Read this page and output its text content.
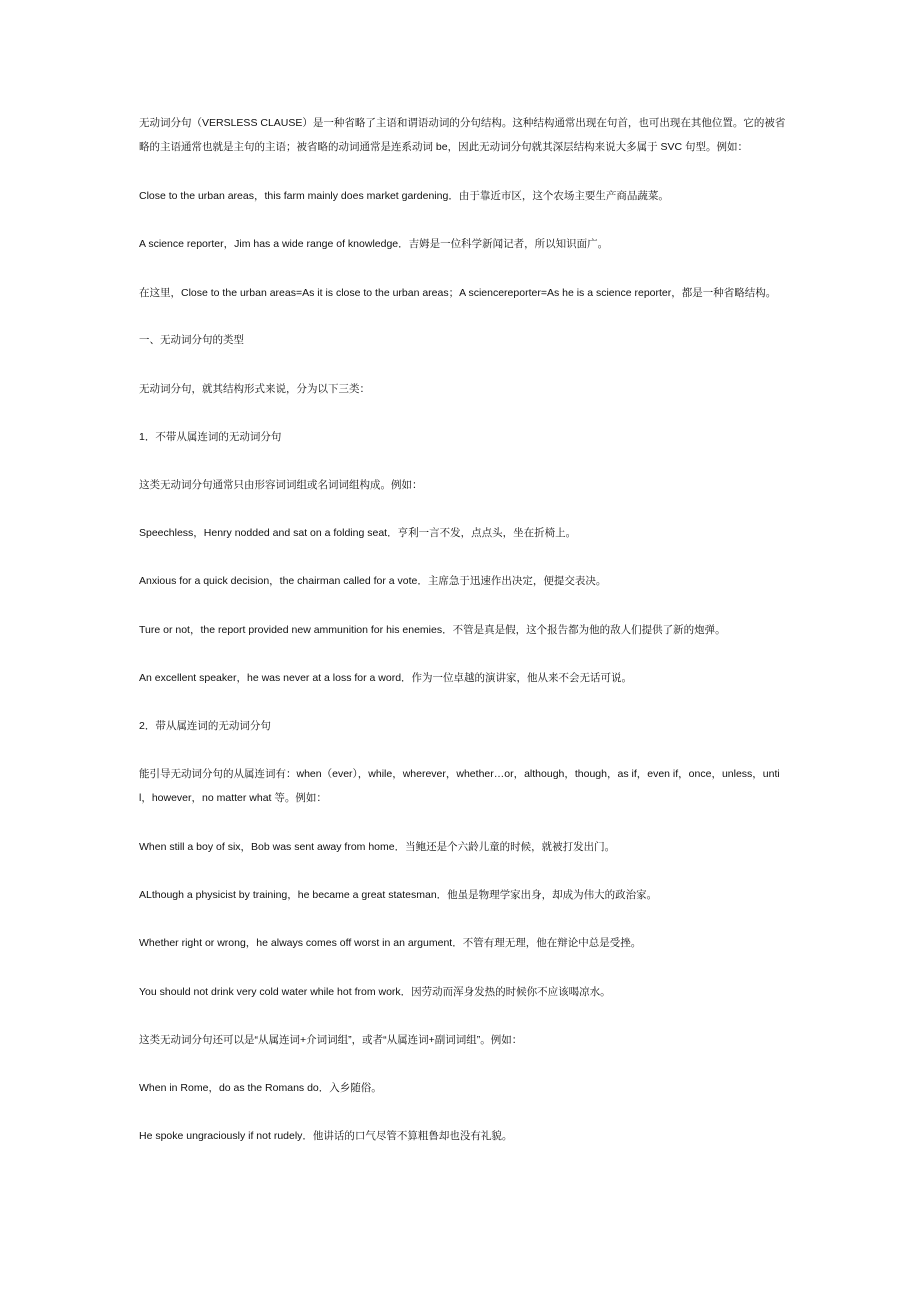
无动词分句（VERSLESS CLAUSE）是一种省略了主语和谓语动词的分句结构。这种结构通常出现在句首，也可出现在其他位置。它的被省略的主语通常也就是主句的主语；被省略的动词通常是连系动词 be，因此无动词分句就其深层结构来说大多属于 SVC 句型。例如：

Close to the urban areas，this farm mainly does market gardening．由于靠近市区，这个农场主要生产商品蔬菜。

A science reporter，Jim has a wide range of knowledge．吉姆是一位科学新闻记者，所以知识面广。

在这里，Close to the urban areas=As it is close to the urban areas；A sciencereporter=As he is a science reporter，都是一种省略结构。

一、无动词分句的类型

无动词分句，就其结构形式来说，分为以下三类：

1．不带从属连词的无动词分句

这类无动词分句通常只由形容词词组或名词词组构成。例如：

Speechless，Henry nodded and sat on a folding seat．亨利一言不发，点点头，坐在折椅上。

Anxious for a quick decision，the chairman called for a vote．主席急于迅速作出决定，便提交表决。

Ture or not，the report provided new ammunition for his enemies．不管是真是假，这个报告都为他的敌人们提供了新的炮弹。

An excellent speaker，he was never at a loss for a word．作为一位卓越的演讲家，他从来不会无话可说。

2．带从属连词的无动词分句

能引导无动词分句的从属连词有：when（ever），while，wherever，whether…or，although，though，as if，even if，once，unless，until，however，no matter what 等。例如：

When still a boy of six，Bob was sent away from home．当鲍还是个六龄儿童的时候，就被打发出门。

ALthough a physicist by training，he became a great statesman．他虽是物理学家出身，却成为伟大的政治家。

Whether right or wrong，he always comes off worst in an argument．不管有理无理，他在辩论中总是受挫。

You should not drink very cold water while hot from work．因劳动而浑身发热的时候你不应该喝凉水。

这类无动词分句还可以是“从属连词+介词词组”，或者“从属连词+副词词组”。例如：

When in Rome，do as the Romans do．入乡随俗。

He spoke ungraciously if not rudely．他讲话的口气尽管不算粗鲁却也没有礼貌。
